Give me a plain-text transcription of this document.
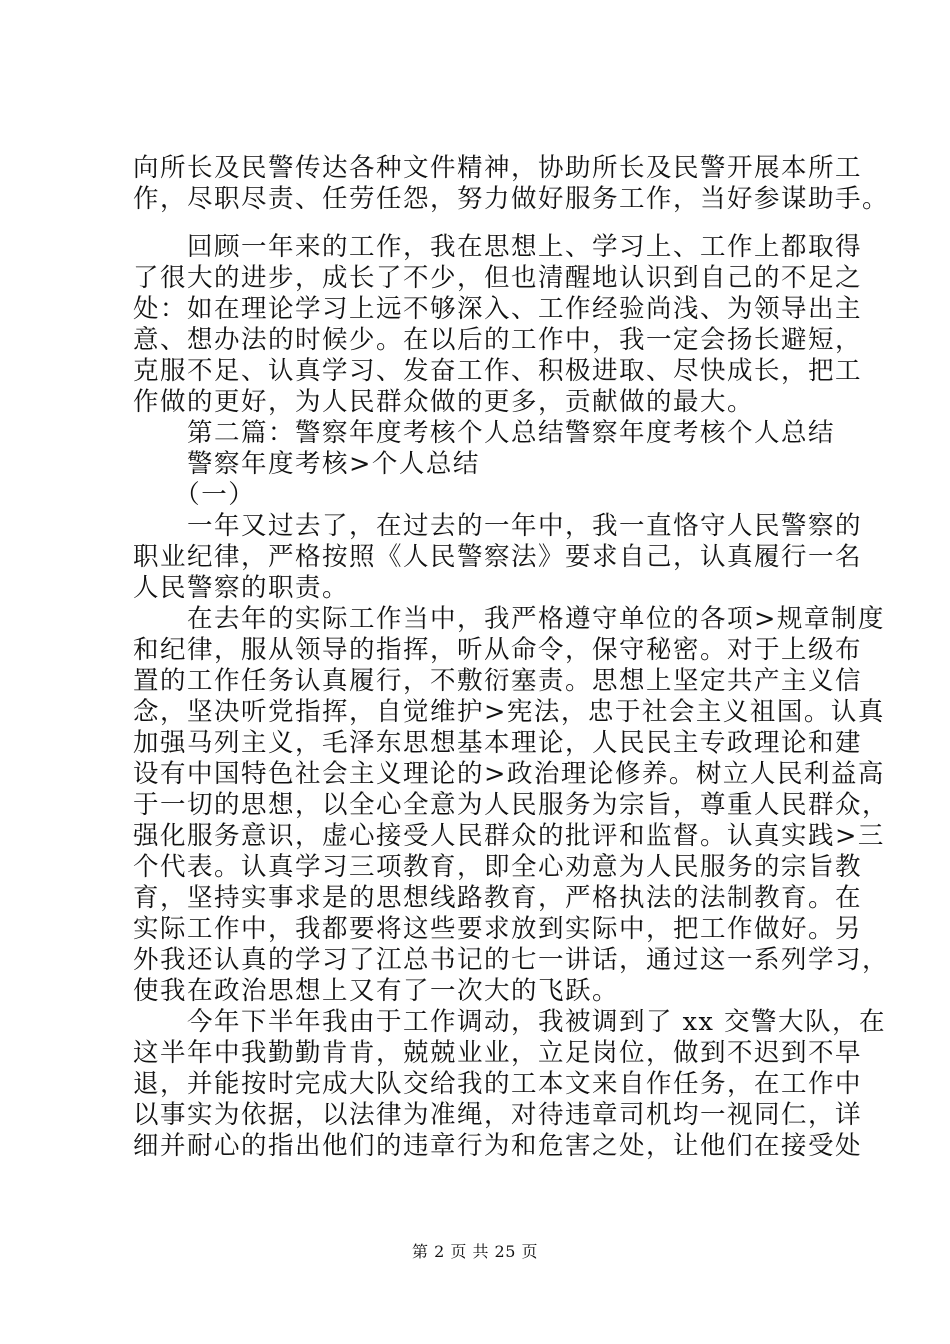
向所长及民警传达各种文件精神，协助所长及民警开展本所工
作，尽职尽责、任劳任怨，努力做好服务工作，当好参谋助手。
　　回顾一年来的工作，我在思想上、学习上、工作上都取得
了很大的进步，成长了不少，但也清醒地认识到自己的不足之
处：如在理论学习上远不够深入、工作经验尚浅、为领导出主
意、想办法的时候少。在以后的工作中，我一定会扬长避短，
克服不足、认真学习、发奋工作、积极进取、尽快成长，把工
作做的更好，为人民群众做的更多，贡献做的最大。
　　第二篇：警察年度考核个人总结警察年度考核个人总结
　　警察年度考核>个人总结
　　（一）
　　一年又过去了，在过去的一年中，我一直恪守人民警察的
职业纪律，严格按照《人民警察法》要求自己，认真履行一名
人民警察的职责。
　　在去年的实际工作当中，我严格遵守单位的各项>规章制度
和纪律，服从领导的指挥，听从命令，保守秘密。对于上级布
置的工作任务认真履行，不敷衍塞责。思想上坚定共产主义信
念，坚决听党指挥，自觉维护>宪法，忠于社会主义祖国。认真
加强马列主义，毛泽东思想基本理论，人民民主专政理论和建
设有中国特色社会主义理论的>政治理论修养。树立人民利益高
于一切的思想，以全心全意为人民服务为宗旨，尊重人民群众，
强化服务意识，虚心接受人民群众的批评和监督。认真实践>三
个代表。认真学习三项教育，即全心劝意为人民服务的宗旨教
育，坚持实事求是的思想线路教育，严格执法的法制教育。在
实际工作中，我都要将这些要求放到实际中，把工作做好。另
外我还认真的学习了江总书记的七一讲话，通过这一系列学习，
使我在政治思想上又有了一次大的飞跃。
　　今年下半年我由于工作调动，我被调到了 xx 交警大队，在
这半年中我勤勤肯肯，兢兢业业，立足岗位，做到不迟到不早
退，并能按时完成大队交给我的工本文来自作任务，在工作中
以事实为依据，以法律为准绳，对待违章司机均一视同仁，详
细并耐心的指出他们的违章行为和危害之处，让他们在接受处
第 2 页 共 25 页
